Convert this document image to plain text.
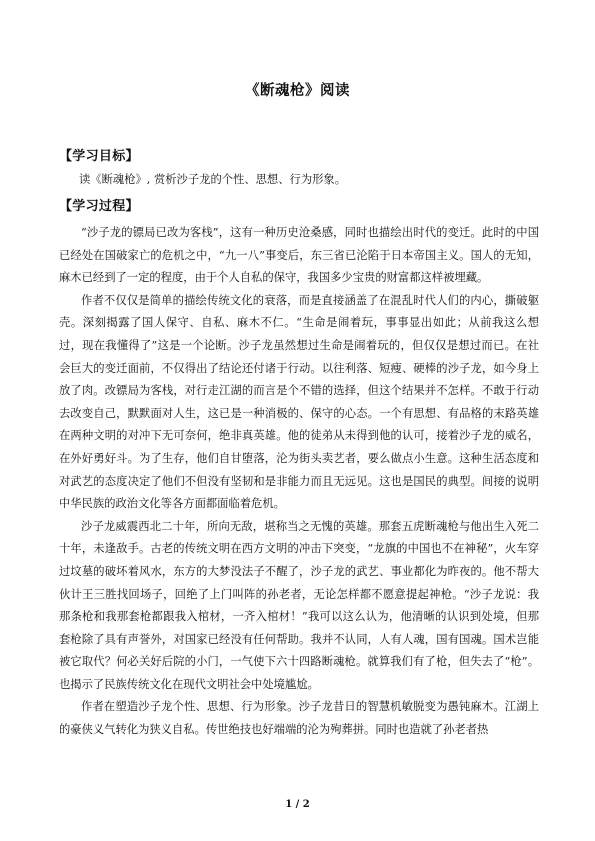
《断魂枪》阅读
【学习目标】
读《断魂枪》, 赏析沙子龙的个性、思想、行为形象。
【学习过程】

“沙子龙的镖局已改为客栈”，这有一种历史沧桑感，同时也描绘出时代的变迁。此时的中国已经处在国破家亡的危机之中，“九一八”事变后，东三省已沦陷于日本帝国主义。国人的无知，麻木已经到了一定的程度，由于个人自私的保守，我国多少宝贵的财富都这样被埋藏。

作者不仅仅是简单的描绘传统文化的衰落，而是直接涵盖了在混乱时代人们的内心，撕破躯壳。深刻揭露了国人保守、自私、麻木不仁。“生命是闹着玩，事事显出如此；从前我这么想过，现在我懂得了”这是一个论断。沙子龙虽然想过生命是闹着玩的，但仅仅是想过而已。在社会巨大的变迁面前，不仅得出了结论还付诸于行动。以往利落、短瘦、硬棒的沙子龙，如今身上放了肉。改镖局为客栈，对行走江湖的而言是个不错的选择，但这个结果并不怎样。不敢于行动去改变自己，默默面对人生，这已是一种消极的、保守的心态。一个有思想、有品格的末路英雄在两种文明的对冲下无可奈何，绝非真英雄。他的徒弟从未得到他的认可，接着沙子龙的威名，在外好勇好斗。为了生存，他们自甘堕落，沦为街头卖艺者，要么做点小生意。这种生活态度和对武艺的态度决定了他们不但没有坚韧和是非能力而且无远见。这也是国民的典型。间接的说明中华民族的政治文化等各方面都面临着危机。

沙子龙威震西北二十年，所向无敌，堪称当之无愧的英雄。那套五虎断魂枪与他出生入死二十年，未逢敌手。古老的传统文明在西方文明的冲击下突变，“龙旗的中国也不在神秘”，火车穿过坟墓的破坏着风水，东方的大梦没法子不醒了，沙子龙的武艺、事业都化为昨夜的。他不帮大伙计王三胜找回场子，回绝了上门叫阵的孙老者，无论怎样都不愿意提起神枪。“沙子龙说：我那条枪和我那套枪都跟我入棺材，一齐入棺材！”我可以这么认为，他清晰的认识到处境，但那套枪除了具有声誉外，对国家已经没有任何帮助。我并不认同，人有人魂，国有国魂。国术岂能被它取代？何必关好后院的小门，一气使下六十四路断魂枪。就算我们有了枪，但失去了“枪”。也揭示了民族传统文化在现代文明社会中处境尴尬。

作者在塑造沙子龙个性、思想、行为形象。沙子龙昔日的智慧机敏脱变为愚钝麻木。江湖上的豪侠义气转化为狭义自私。传世绝技也好端端的沦为殉葬拼。同时也造就了孙老者热

1 / 2
